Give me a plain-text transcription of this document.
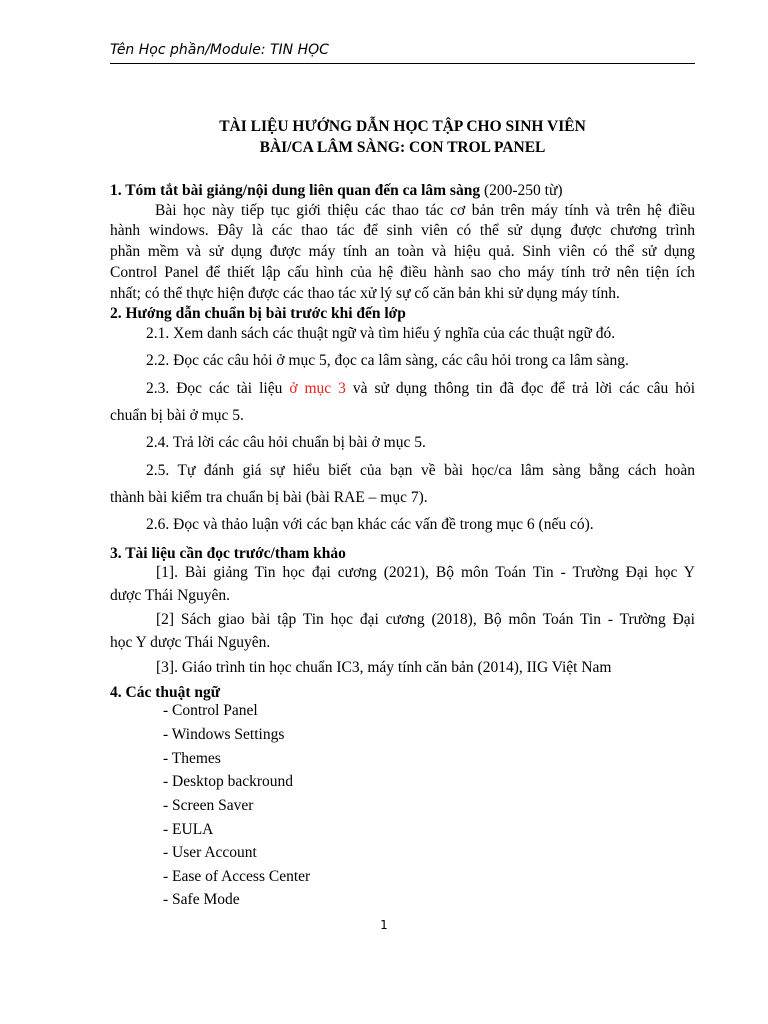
Tên Học phần/Module: TIN HỌC
TÀI LIỆU HƯỚNG DẪN HỌC TẬP CHO SINH VIÊN
BÀI/CA LÂM SÀNG: CON TROL PANEL
1. Tóm tắt bài giảng/nội dung liên quan đến ca lâm sàng (200-250 từ)
Bài học này tiếp tục giới thiệu các thao tác cơ bản trên máy tính và trên hệ điều
hành windows. Đây là các thao tác để sinh viên có thể sử dụng được chương trình
phần mềm và sử dụng được máy tính an toàn và hiệu quả. Sinh viên có thể sử dụng
Control Panel để thiết lập cấu hình của hệ điều hành sao cho máy tính trở nên tiện ích
nhất; có thể thực hiện được các thao tác xử lý sự cố căn bản khi sử dụng máy tính.
2. Hướng dẫn chuẩn bị bài trước khi đến lớp
2.1. Xem danh sách các thuật ngữ và tìm hiểu ý nghĩa của các thuật ngữ đó.
2.2. Đọc các câu hỏi ở mục 5, đọc ca lâm sàng, các câu hỏi trong ca lâm sàng.
2.3. Đọc các tài liệu ở mục 3 và sử dụng thông tin đã đọc để trả lời các câu hỏi
chuẩn bị bài ở mục 5.
2.4. Trả lời các câu hỏi chuẩn bị bài ở mục 5.
2.5. Tự đánh giá sự hiểu biết của bạn về bài học/ca lâm sàng bằng cách hoàn
thành bài kiểm tra chuẩn bị bài (bài RAE – mục 7).
2.6. Đọc và thảo luận với các bạn khác các vấn đề trong mục 6 (nếu có).
3. Tài liệu cần đọc trước/tham khảo
[1]. Bài giảng Tin học đại cương (2021), Bộ môn Toán Tin - Trường Đại học Y
dược Thái Nguyên.
[2] Sách giao bài tập Tin học đại cương (2018), Bộ môn Toán Tin - Trường Đại
học Y dược Thái Nguyên.
[3]. Giáo trình tin học chuẩn IC3, máy tính căn bản (2014), IIG Việt Nam
4. Các thuật ngữ
- Control Panel
- Windows Settings
- Themes
- Desktop backround
- Screen Saver
- EULA
- User Account
- Ease of Access Center
- Safe Mode
1
